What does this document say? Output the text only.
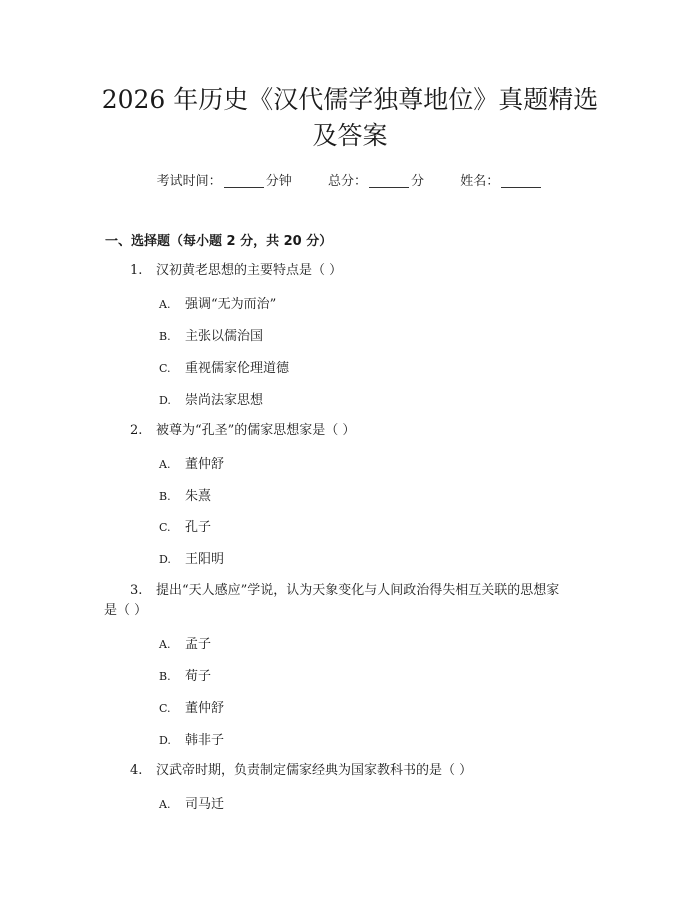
2026 年历史《汉代儒学独尊地位》真题精选
及答案
考试时间：	分钟	总分：	分	姓名：
一、选择题（每小题 2 分，共 20 分）
1. 汉初黄老思想的主要特点是（ ）
A. 强调“无为而治”
B. 主张以儒治国
C. 重视儒家伦理道德
D. 崇尚法家思想
2. 被尊为“孔圣”的儒家思想家是（ ）
A. 董仲舒
B. 朱熹
C. 孔子
D. 王阳明
3. 提出“天人感应”学说，认为天象变化与人间政治得失相互关联的思想家
是（ ）
A. 孟子
B. 荀子
C. 董仲舒
D. 韩非子
4. 汉武帝时期，负责制定儒家经典为国家教科书的是（ ）
A. 司马迁
